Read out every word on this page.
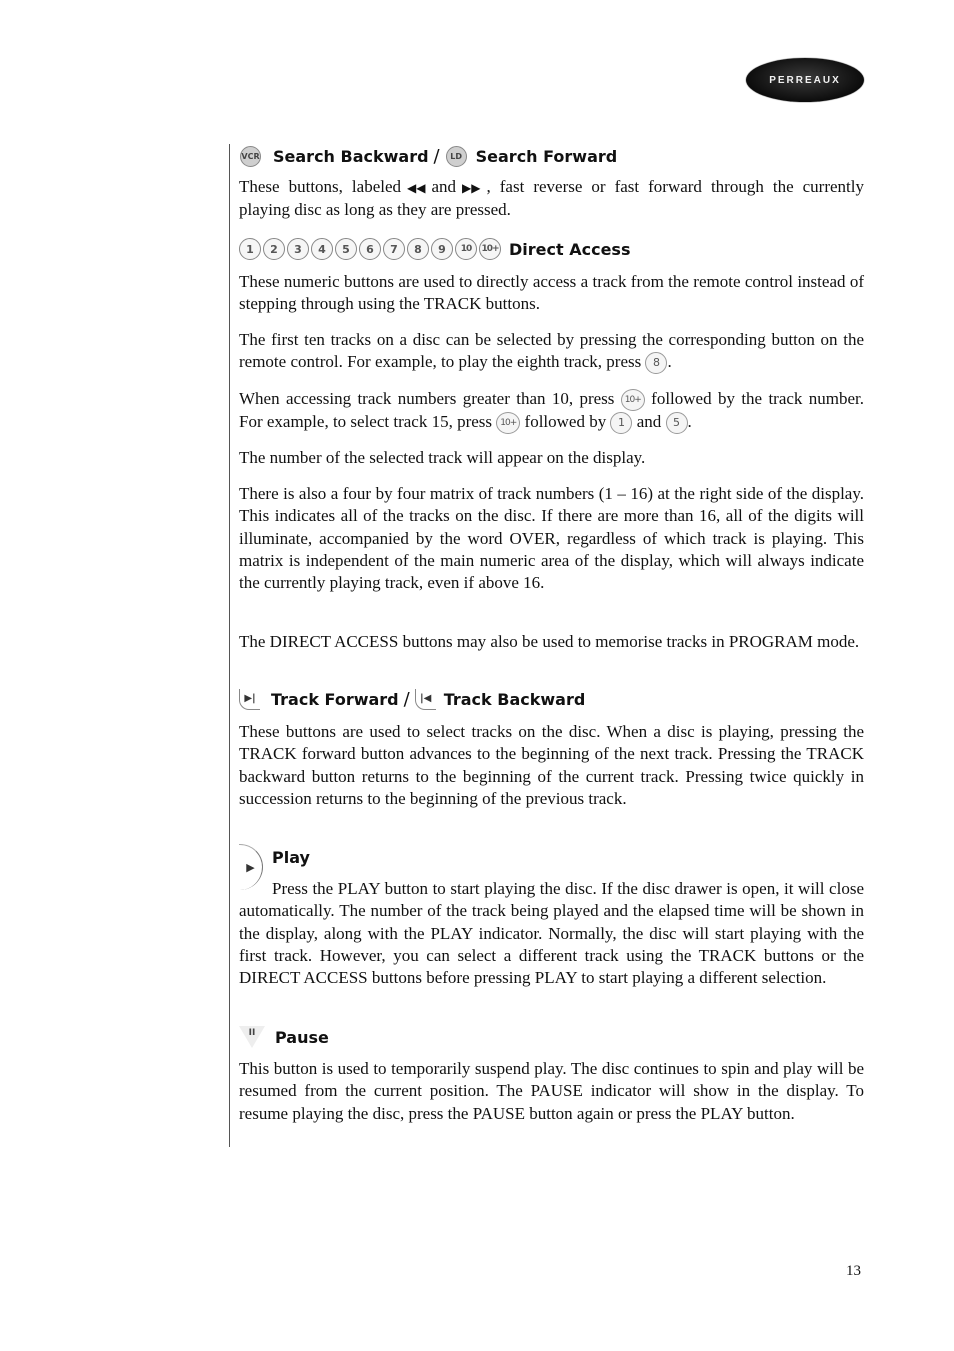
PERREAUX
VCR Search Backward /	LD Search Forward

These buttons, labeled ◀◀ and ▶▶ , fast reverse or fast forward through the currently playing disc as long as they are pressed.

1	2	3	4	5	6	7	8	9	10	10+ Direct Access

These numeric buttons are used to directly access a track from the remote control instead of stepping through using the TRACK buttons.

The first ten tracks on a disc can be selected by pressing the corresponding button on the remote control. For example, to play the eighth track, press 8 .

When accessing track numbers greater than 10, press 10+ followed by the track number. For example, to select track 15, press 10+ followed by 1 and 5 .

The number of the selected track will appear on the display.

There is also a four by four matrix of track numbers (1 – 16) at the right side of the display. This indicates all of the tracks on the disc. If there are more than 16, all of the digits will illuminate, accompanied by the word OVER, regardless of which track is playing. This matrix is independent of the main numeric area of the display, which will always indicate the currently playing track, even if above 16.

The DIRECT ACCESS buttons may also be used to memorise tracks in PROGRAM mode.

▶| Track Forward /	|◀ Track Backward

These buttons are used to select tracks on the disc. When a disc is playing, pressing the TRACK forward button advances to the beginning of the next track. Pressing the TRACK backward button returns to the beginning of the current track. Pressing twice quickly in succession returns to the beginning of the previous track.

▶
Play

Press the PLAY button to start playing the disc. If the disc drawer is open, it will close automatically. The number of the track being played and the elapsed time will be shown in the display, along with the PLAY indicator. Normally, the disc will start playing with the first track. However, you can select a different track using the TRACK buttons or the DIRECT ACCESS buttons before pressing PLAY to start playing a different selection.

II Pause

This button is used to temporarily suspend play. The disc continues to spin and play will be resumed from the current position. The PAUSE indicator will show in the display. To resume playing the disc, press the PAUSE button again or press the PLAY button.

13
